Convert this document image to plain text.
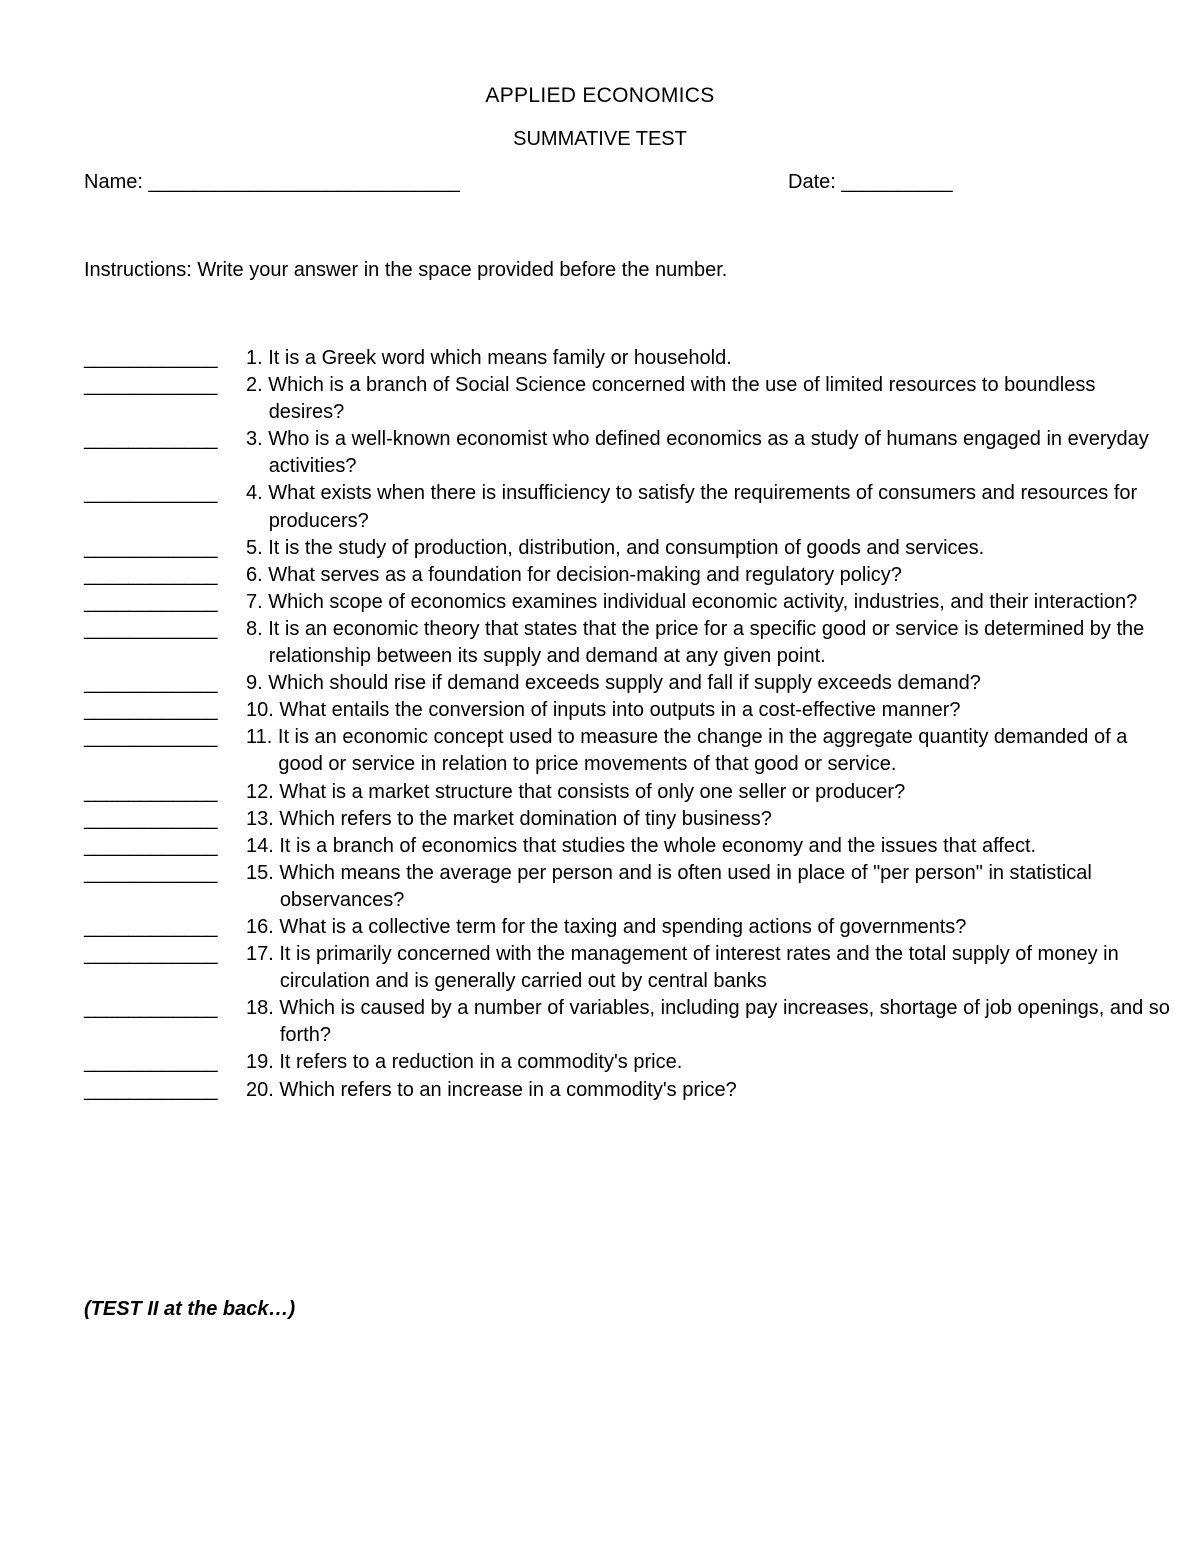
APPLIED ECONOMICS
SUMMATIVE TEST
Name: ____________________________	Date: __________
Instructions: Write your answer in the space provided before the number.
____________	1. It is a Greek word which means family or household.
____________	2. Which is a branch of Social Science concerned with the use of limited resources to boundless desires?
____________	3. Who is a well-known economist who defined economics as a study of humans engaged in everyday activities?
____________	4. What exists when there is insufficiency to satisfy the requirements of consumers and resources for producers?
____________	5. It is the study of production, distribution, and consumption of goods and services.
____________	6. What serves as a foundation for decision-making and regulatory policy?
____________	7. Which scope of economics examines individual economic activity, industries, and their interaction?
____________	8. It is an economic theory that states that the price for a specific good or service is determined by the relationship between its supply and demand at any given point.
____________	9. Which should rise if demand exceeds supply and fall if supply exceeds demand?
____________	10. What entails the conversion of inputs into outputs in a cost-effective manner?
____________	11. It is an economic concept used to measure the change in the aggregate quantity demanded of a good or service in relation to price movements of that good or service.
____________	12. What is a market structure that consists of only one seller or producer?
____________	13. Which refers to the market domination of tiny business?
____________	14. It is a branch of economics that studies the whole economy and the issues that affect.
____________	15. Which means the average per person and is often used in place of "per person" in statistical observances?
____________	16. What is a collective term for the taxing and spending actions of governments?
____________	17. It is primarily concerned with the management of interest rates and the total supply of money in circulation and is generally carried out by central banks
____________	18. Which is caused by a number of variables, including pay increases, shortage of job openings, and so forth?
____________	19. It refers to a reduction in a commodity's price.
____________	20. Which refers to an increase in a commodity's price?
(TEST II at the back…)
